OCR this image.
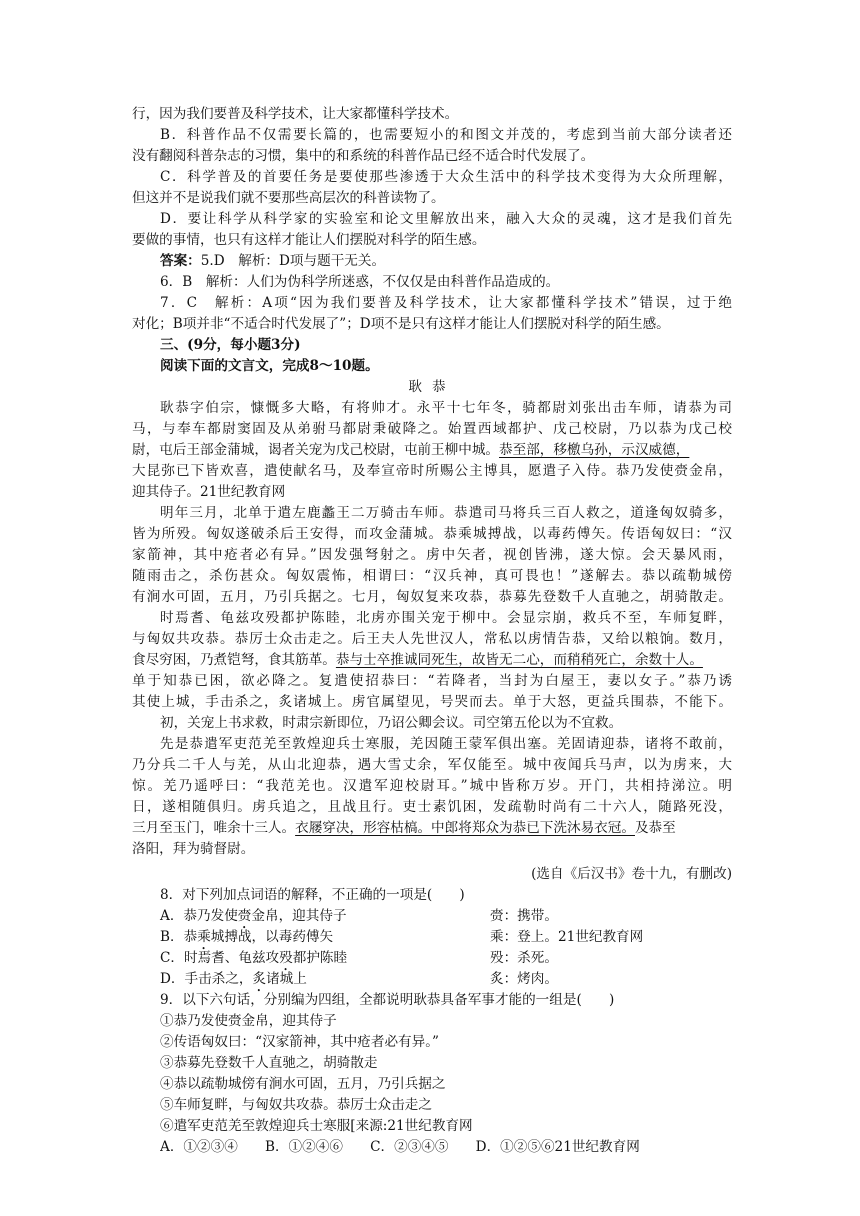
行，因为我们要普及科学技术，让大家都懂科学技术。
B．科普作品不仅需要长篇的，也需要短小的和图文并茂的，考虑到当前大部分读者还
没有翻阅科普杂志的习惯，集中的和系统的科普作品已经不适合时代发展了。
C．科学普及的首要任务是要使那些渗透于大众生活中的科学技术变得为大众所理解，
但这并不是说我们就不要那些高层次的科普读物了。
D．要让科学从科学家的实验室和论文里解放出来，融入大众的灵魂，这才是我们首先
要做的事情，也只有这样才能让人们摆脱对科学的陌生感。
答案：5.D　解析：D项与题干无关。
6．B　解析：人们为伪科学所迷惑，不仅仅是由科普作品造成的。
7．C　解析：A项“因为我们要普及科学技术，让大家都懂科学技术”错误，过于绝
对化；B项并非“不适合时代发展了”；D项不是只有这样才能让人们摆脱对科学的陌生感。
三、(9分，每小题3分)
阅读下面的文言文，完成8～10题。
耿恭
耿恭字伯宗，慷慨多大略，有将帅才。永平十七年冬，骑都尉刘张出击车师，请恭为司
马，与奉车都尉窦固及从弟驸马都尉秉破降之。始置西域都护、戊己校尉，乃以恭为戊己校
尉，屯后王部金蒲城，谒者关宠为戊己校尉，屯前王柳中城。恭至部，移檄乌孙，示汉威德，
大昆弥已下皆欢喜，遣使献名马，及奉宣帝时所赐公主博具，愿遣子入侍。恭乃发使赍金帛，
迎其侍子。21世纪教育网
明年三月，北单于遣左鹿蠡王二万骑击车师。恭遣司马将兵三百人救之，道逢匈奴骑多，
皆为所殁。匈奴遂破杀后王安得，而攻金蒲城。恭乘城搏战，以毒药傅矢。传语匈奴曰：“汉
家箭神，其中疮者必有异。”因发强弩射之。虏中矢者，视创皆沸，遂大惊。会天暴风雨，
随雨击之，杀伤甚众。匈奴震怖，相谓曰：“汉兵神，真可畏也！”遂解去。恭以疏勒城傍
有涧水可固，五月，乃引兵据之。七月，匈奴复来攻恭，恭募先登数千人直驰之，胡骑散走。
时焉耆、龟兹攻殁都护陈睦，北虏亦围关宠于柳中。会显宗崩，救兵不至，车师复畔，
与匈奴共攻恭。恭厉士众击走之。后王夫人先世汉人，常私以虏情告恭，又给以粮饷。数月，
食尽穷困，乃煮铠弩，食其筋革。恭与士卒推诚同死生，故皆无二心，而稍稍死亡，余数十人。
单于知恭已困，欲必降之。复遣使招恭曰：“若降者，当封为白屋王，妻以女子。”恭乃诱
其使上城，手击杀之，炙诸城上。虏官属望见，号哭而去。单于大怒，更益兵围恭，不能下。
初，关宠上书求救，时肃宗新即位，乃诏公卿会议。司空第五伦以为不宜救。
先是恭遣军吏范羌至敦煌迎兵士寒服，羌因随王蒙军俱出塞。羌固请迎恭，诸将不敢前，
乃分兵二千人与羌，从山北迎恭，遇大雪丈余，军仅能至。城中夜闻兵马声，以为虏来，大
惊。羌乃遥呼曰：“我范羌也。汉遣军迎校尉耳。”城中皆称万岁。开门，共相持涕泣。明
日，遂相随俱归。虏兵追之，且战且行。吏士素饥困，发疏勒时尚有二十六人，随路死没，
三月至玉门，唯余十三人。衣屦穿决，形容枯槁。中郎将郑众为恭已下洗沐易衣冠。及恭至
洛阳，拜为骑督尉。
(选自《后汉书》卷十九，有删改)
8．对下列加点词语的解释，不正确的一项是(　　)
A．恭乃发使赍金帛，迎其侍子	赍：携带。
B．恭乘城搏战，以毒药傅矢	乘：登上。21世纪教育网
C．时焉耆、龟兹攻殁都护陈睦	殁：杀死。
D．手击杀之，炙诸城上	炙：烤肉。
9．以下六句话，分别编为四组，全都说明耿恭具备军事才能的一组是(　　)
①恭乃发使赍金帛，迎其侍子
②传语匈奴曰：“汉家箭神，其中疮者必有异。”
③恭募先登数千人直驰之，胡骑散走
④恭以疏勒城傍有涧水可固，五月，乃引兵据之
⑤车师复畔，与匈奴共攻恭。恭厉士众击走之
⑥遣军吏范羌至敦煌迎兵士寒服[来源:21世纪教育网
A．①②③④　　B．①②④⑥　　C．②③④⑤　　D．①②⑤⑥21世纪教育网
